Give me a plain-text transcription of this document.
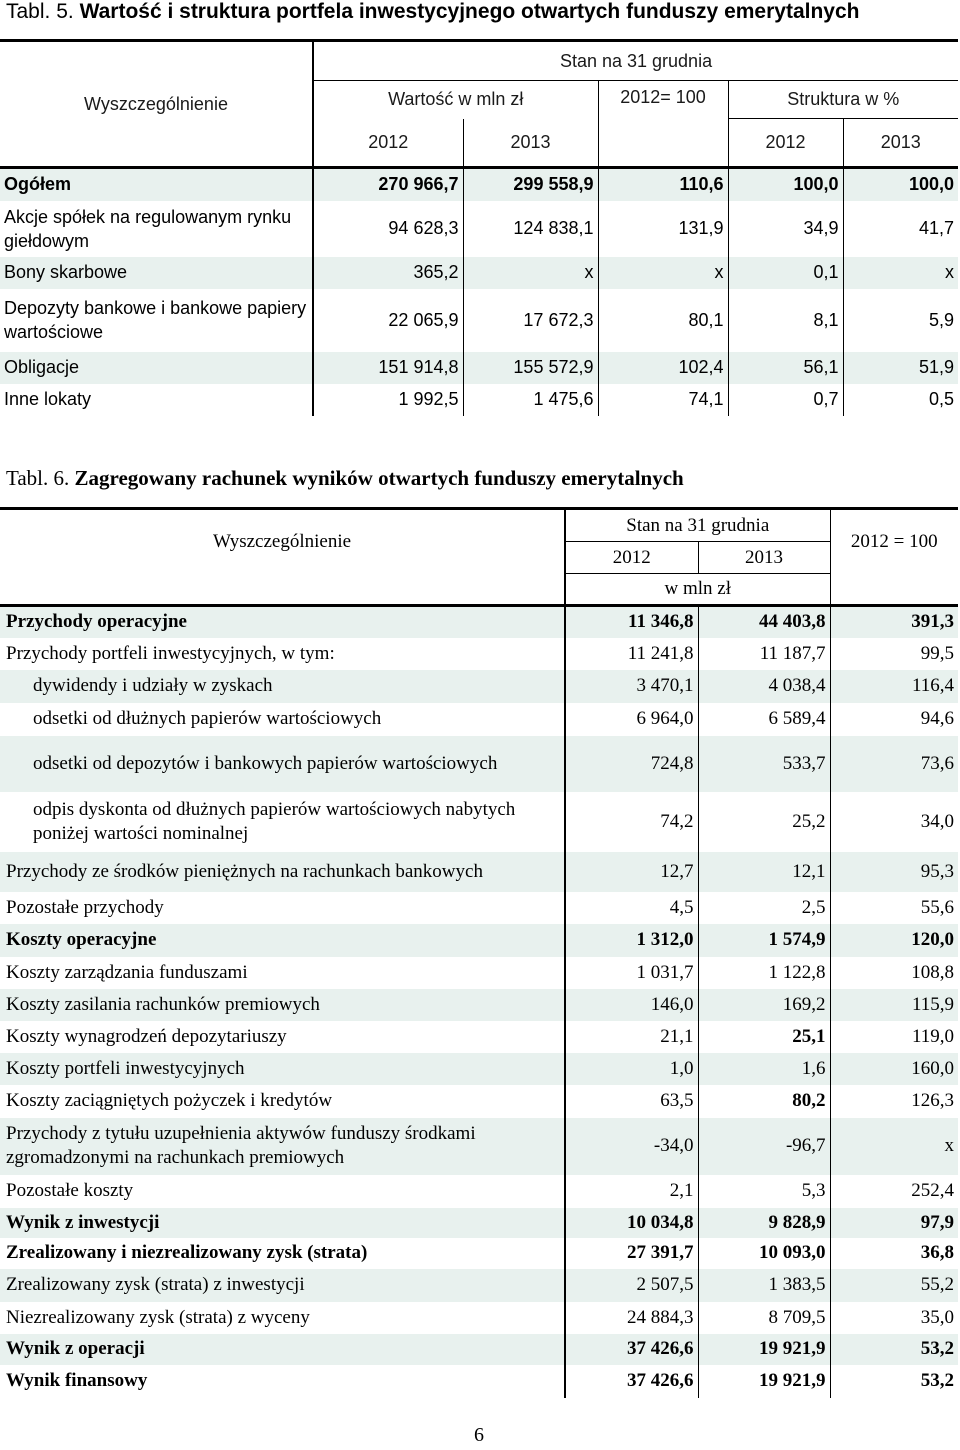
Tabl. 5. Wartość i struktura portfela inwestycyjnego otwartych funduszy emerytalnych
Wyszczególnienie	Stan na 31 grudnia				
	Wartość w mln zł		2012= 100	Struktura w %	
	2012	2013		2012	2013
Ogółem	270 966,7	299 558,9	110,6	100,0	100,0
Akcje spółek na regulowanym rynku giełdowym	94 628,3	124 838,1	131,9	34,9	41,7
Bony skarbowe	365,2	x	x	0,1	x
Depozyty bankowe i bankowe papiery wartościowe	22 065,9	17 672,3	80,1	8,1	5,9
Obligacje	151 914,8	155 572,9	102,4	56,1	51,9
Inne lokaty	1 992,5	1 475,6	74,1	0,7	0,5
Tabl. 6. Zagregowany rachunek wyników otwartych funduszy emerytalnych
Wyszczególnienie	Stan na 31 grudnia		2012 = 100
	2012	2013	
	w mln zł		
Przychody operacyjne	11 346,8	44 403,8	391,3
Przychody portfeli inwestycyjnych, w tym:	11 241,8	11 187,7	99,5
dywidendy i udziały w zyskach	3 470,1	4 038,4	116,4
odsetki od dłużnych papierów wartościowych	6 964,0	6 589,4	94,6
odsetki od depozytów i bankowych papierów wartościowych	724,8	533,7	73,6
odpis dyskonta od dłużnych papierów wartościowych nabytych poniżej wartości nominalnej	74,2	25,2	34,0
Przychody ze środków pieniężnych na rachunkach bankowych	12,7	12,1	95,3
Pozostałe przychody	4,5	2,5	55,6
Koszty operacyjne	1 312,0	1 574,9	120,0
Koszty zarządzania funduszami	1 031,7	1 122,8	108,8
Koszty zasilania rachunków premiowych	146,0	169,2	115,9
Koszty wynagrodzeń depozytariuszy	21,1	25,1	119,0
Koszty portfeli inwestycyjnych	1,0	1,6	160,0
Koszty zaciągniętych pożyczek i kredytów	63,5	80,2	126,3
Przychody z tytułu uzupełnienia aktywów funduszy środkami zgromadzonymi na rachunkach premiowych	-34,0	-96,7	x
Pozostałe koszty	2,1	5,3	252,4
Wynik z inwestycji	10 034,8	9 828,9	97,9
Zrealizowany i niezrealizowany zysk (strata)	27 391,7	10 093,0	36,8
Zrealizowany zysk (strata) z inwestycji	2 507,5	1 383,5	55,2
Niezrealizowany zysk (strata) z wyceny	24 884,3	8 709,5	35,0
Wynik z operacji	37 426,6	19 921,9	53,2
Wynik finansowy	37 426,6	19 921,9	53,2
6
